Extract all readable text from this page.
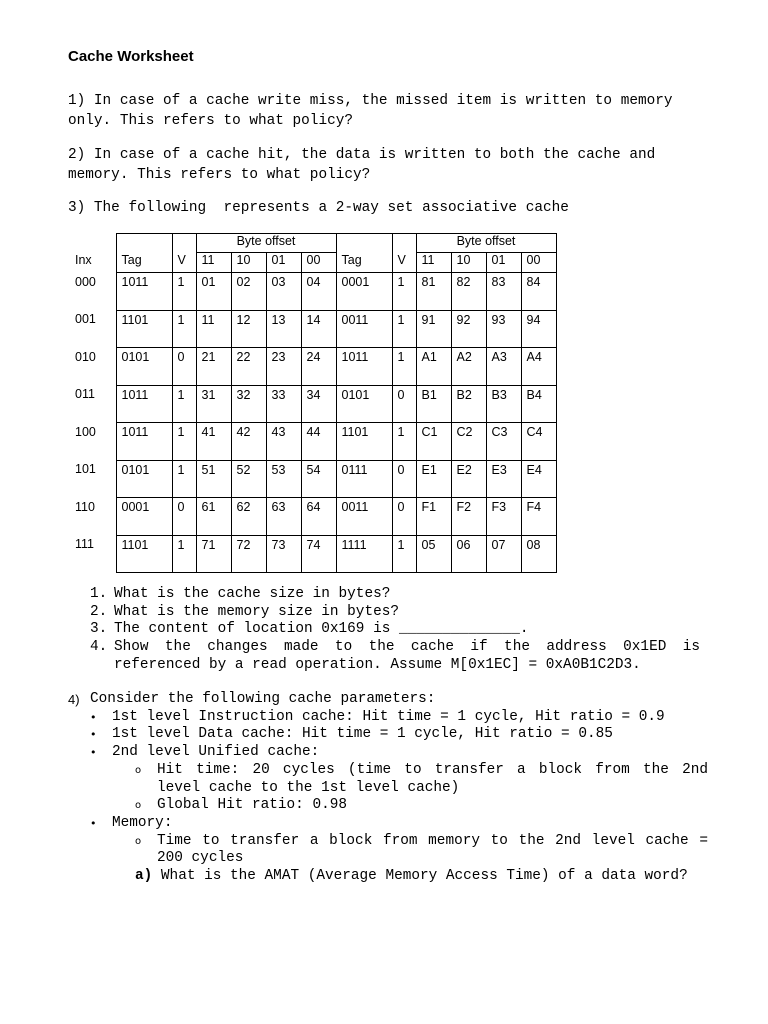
Cache Worksheet

1) In case of a cache write miss, the missed item is written to memory only. This refers to what policy?

2) In case of a cache hit, the data is written to both the cache and memory. This refers to what policy?

3) The following  represents a 2-way set associative cache

			Byte offset						Byte offset			
Inx	Tag	V	11	10	01	00	Tag	V	11	10	01	00
000	1011	1	01	02	03	04	0001	1	81	82	83	84
001	1101	1	11	12	13	14	0011	1	91	92	93	94
010	0101	0	21	22	23	24	1011	1	A1	A2	A3	A4
011	1011	1	31	32	33	34	0101	0	B1	B2	B3	B4
100	1011	1	41	42	43	44	1101	1	C1	C2	C3	C4
101	0101	1	51	52	53	54	0111	0	E1	E2	E3	E4
110	0001	0	61	62	63	64	0011	0	F1	F2	F3	F4
111	1101	1	71	72	73	74	1111	1	05	06	07	08
1. What is the cache size in bytes?
2. What is the memory size in bytes?
3. The content of location 0x169 is ______________.
4. Show the changes made to the cache if the address 0x1ED is referenced by a read operation. Assume M[0x1EC] = 0xA0B1C2D3.
4) Consider the following cache parameters:
•	1st level Instruction cache: Hit time = 1 cycle, Hit ratio = 0.9
•	1st level Data cache: Hit time = 1 cycle, Hit ratio = 0.85
•	2nd level Unified cache:
o	Hit time: 20 cycles (time to transfer a block from the 2nd level cache to the 1st level cache)
o	Global Hit ratio: 0.98
•	Memory:
o	Time to transfer a block from memory to the 2nd level cache = 200 cycles
a) What is the AMAT (Average Memory Access Time) of a data word?
